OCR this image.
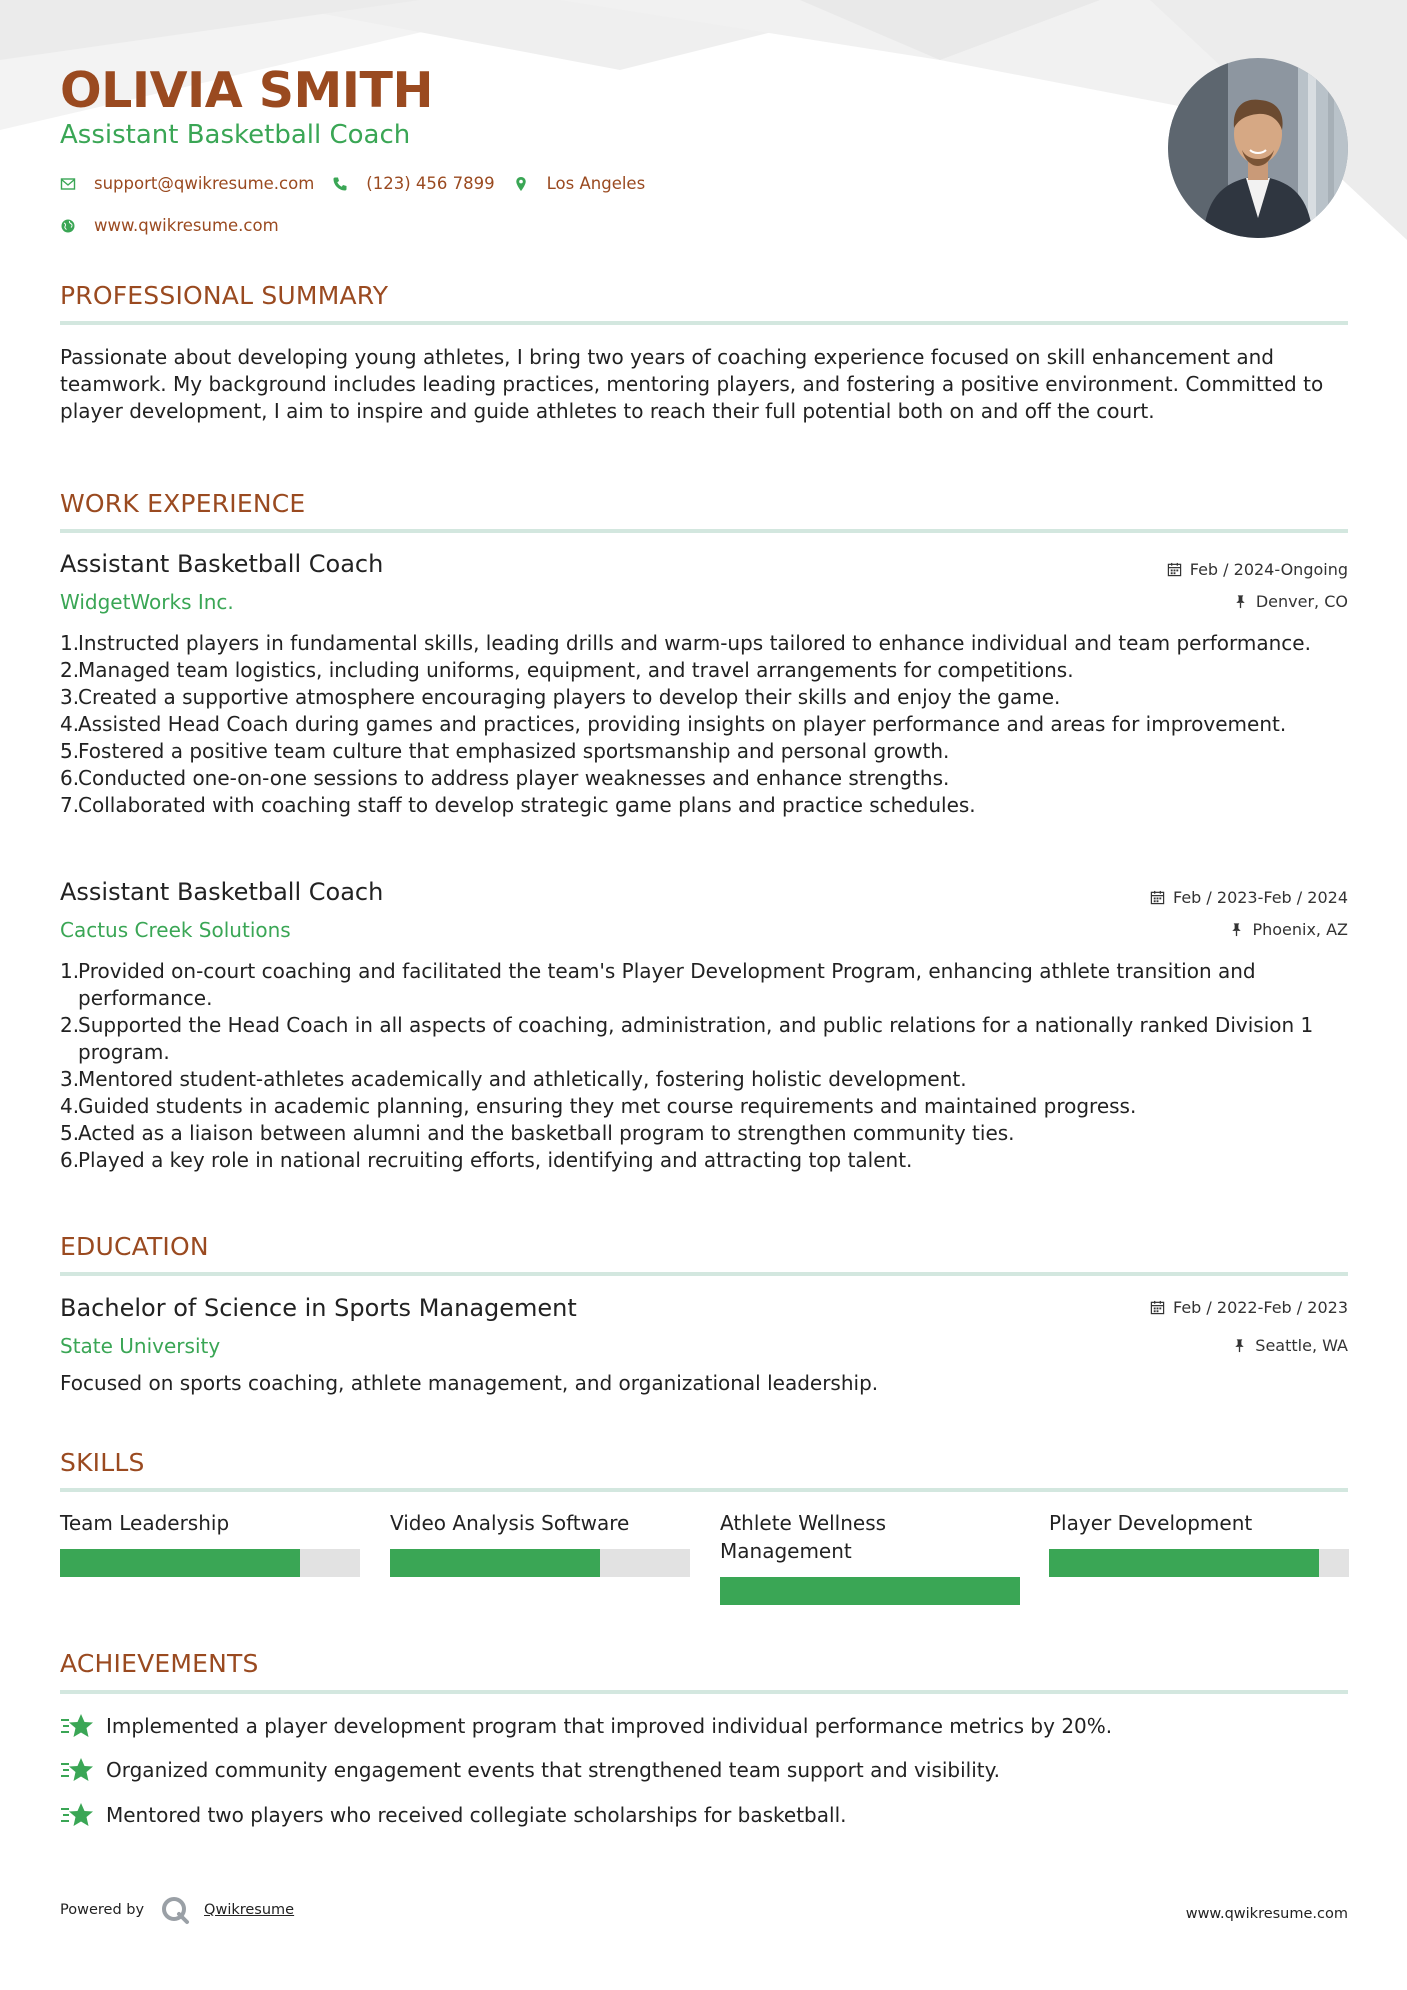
OLIVIA SMITH
Assistant Basketball Coach
support@qwikresume.com	(123) 456 7899	Los Angeles
www.qwikresume.com
PROFESSIONAL SUMMARY
Passionate about developing young athletes, I bring two years of coaching experience focused on skill enhancement and teamwork. My background includes leading practices, mentoring players, and fostering a positive environment. Committed to player development, I aim to inspire and guide athletes to reach their full potential both on and off the court.
WORK EXPERIENCE
Assistant Basketball Coach	Feb / 2024-Ongoing
WidgetWorks Inc.	Denver, CO
Instructed players in fundamental skills, leading drills and warm-ups tailored to enhance individual and team performance.
Managed team logistics, including uniforms, equipment, and travel arrangements for competitions.
Created a supportive atmosphere encouraging players to develop their skills and enjoy the game.
Assisted Head Coach during games and practices, providing insights on player performance and areas for improvement.
Fostered a positive team culture that emphasized sportsmanship and personal growth.
Conducted one-on-one sessions to address player weaknesses and enhance strengths.
Collaborated with coaching staff to develop strategic game plans and practice schedules.
Assistant Basketball Coach	Feb / 2023-Feb / 2024
Cactus Creek Solutions	Phoenix, AZ
Provided on-court coaching and facilitated the team's Player Development Program, enhancing athlete transition and performance.
Supported the Head Coach in all aspects of coaching, administration, and public relations for a nationally ranked Division 1 program.
Mentored student-athletes academically and athletically, fostering holistic development.
Guided students in academic planning, ensuring they met course requirements and maintained progress.
Acted as a liaison between alumni and the basketball program to strengthen community ties.
Played a key role in national recruiting efforts, identifying and attracting top talent.
EDUCATION
Bachelor of Science in Sports Management	Feb / 2022-Feb / 2023
State University	Seattle, WA
Focused on sports coaching, athlete management, and organizational leadership.
SKILLS
Team Leadership	Video Analysis Software	Athlete Wellness Management
Player Development
ACHIEVEMENTS
Implemented a player development program that improved individual performance metrics by 20%.
Organized community engagement events that strengthened team support and visibility.
Mentored two players who received collegiate scholarships for basketball.
Powered by	Qwikresume	www.qwikresume.com
